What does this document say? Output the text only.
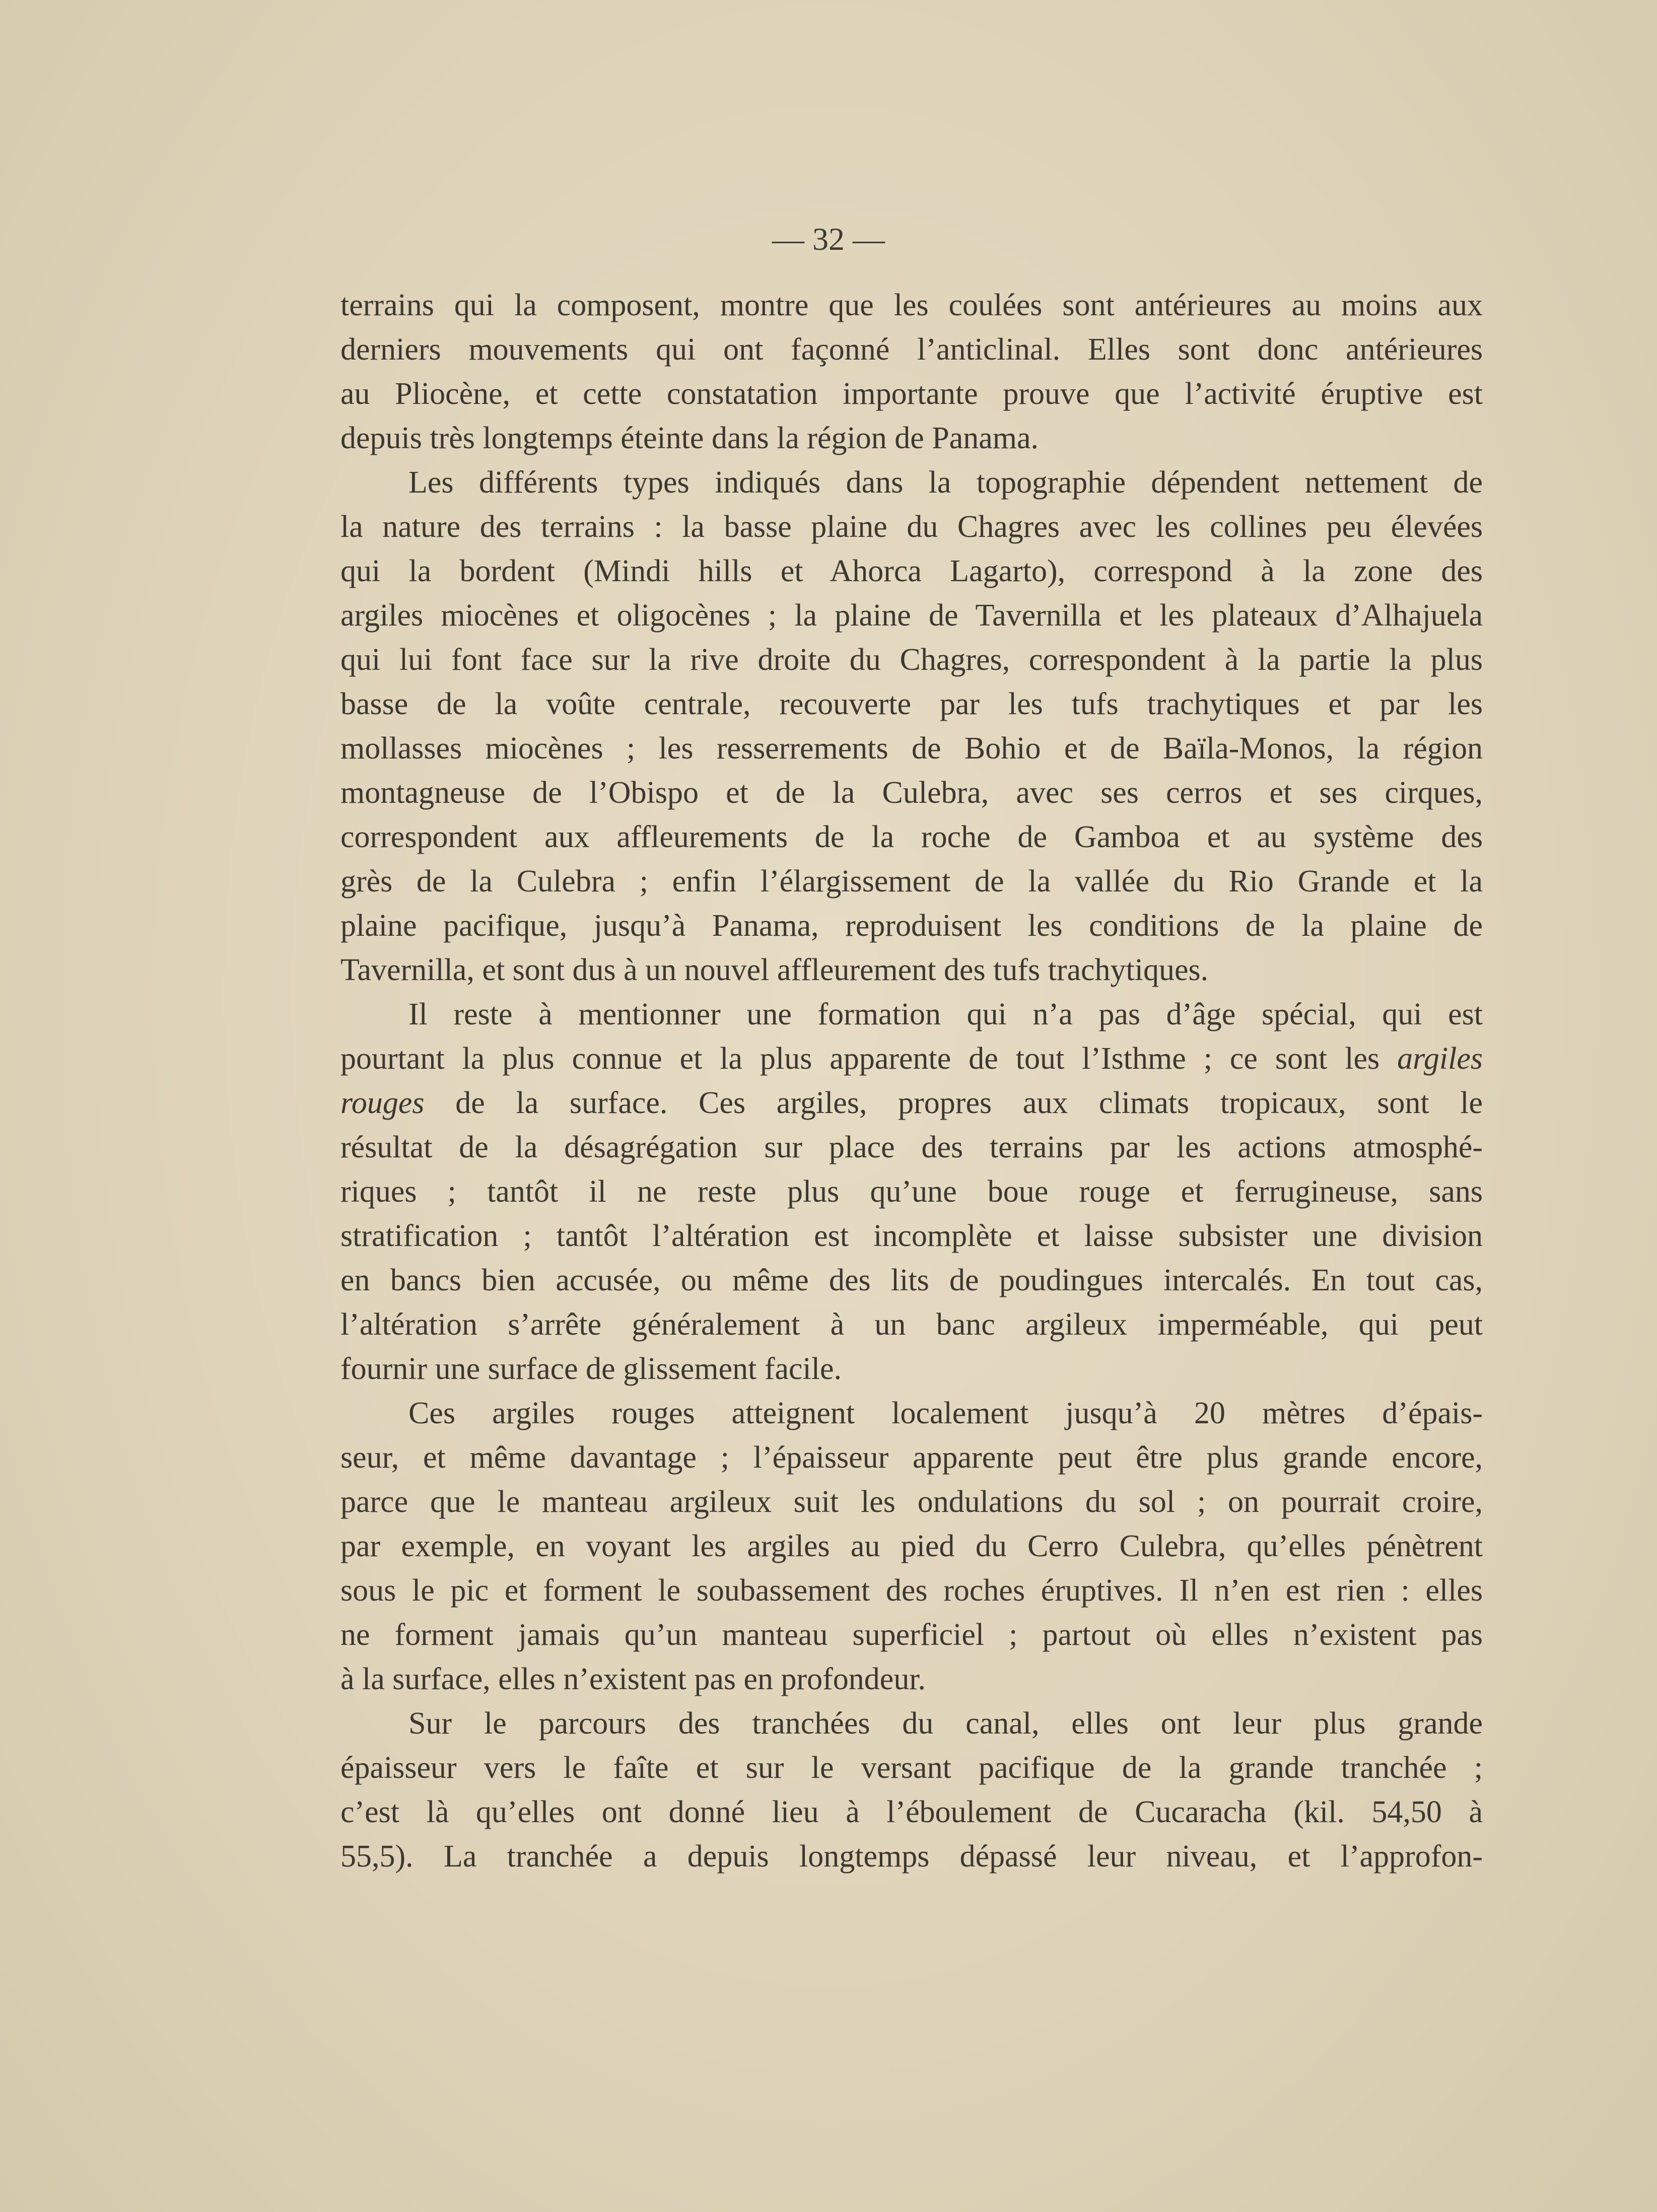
— 32 —
terrains qui la composent, montre que les coulées sont antérieures au moins aux
derniers mouvements qui ont façonné l’anticlinal. Elles sont donc antérieures
au Pliocène, et cette constatation importante prouve que l’activité éruptive est
depuis très longtemps éteinte dans la région de Panama.
Les différents types indiqués dans la topographie dépendent nettement de
la nature des terrains : la basse plaine du Chagres avec les collines peu élevées
qui la bordent (Mindi hills et Ahorca Lagarto), correspond à la zone des
argiles miocènes et oligocènes ; la plaine de Tavernilla et les plateaux d’Alhajuela
qui lui font face sur la rive droite du Chagres, correspondent à la partie la plus
basse de la voûte centrale, recouverte par les tufs trachytiques et par les
mollasses miocènes ; les resserrements de Bohio et de Baïla-Monos, la région
montagneuse de l’Obispo et de la Culebra, avec ses cerros et ses cirques,
correspondent aux affleurements de la roche de Gamboa et au système des
grès de la Culebra ; enfin l’élargissement de la vallée du Rio Grande et la
plaine pacifique, jusqu’à Panama, reproduisent les conditions de la plaine de
Tavernilla, et sont dus à un nouvel affleurement des tufs trachytiques.
Il reste à mentionner une formation qui n’a pas d’âge spécial, qui est
pourtant la plus connue et la plus apparente de tout l’Isthme ; ce sont les argiles
rouges de la surface. Ces argiles, propres aux climats tropicaux, sont le
résultat de la désagrégation sur place des terrains par les actions atmosphé-
riques ; tantôt il ne reste plus qu’une boue rouge et ferrugineuse, sans
stratification ; tantôt l’altération est incomplète et laisse subsister une division
en bancs bien accusée, ou même des lits de poudingues intercalés. En tout cas,
l’altération s’arrête généralement à un banc argileux imperméable, qui peut
fournir une surface de glissement facile.
Ces argiles rouges atteignent localement jusqu’à 20 mètres d’épais-
seur, et même davantage ; l’épaisseur apparente peut être plus grande encore,
parce que le manteau argileux suit les ondulations du sol ; on pourrait croire,
par exemple, en voyant les argiles au pied du Cerro Culebra, qu’elles pénètrent
sous le pic et forment le soubassement des roches éruptives. Il n’en est rien : elles
ne forment jamais qu’un manteau superficiel ; partout où elles n’existent pas
à la surface, elles n’existent pas en profondeur.
Sur le parcours des tranchées du canal, elles ont leur plus grande
épaisseur vers le faîte et sur le versant pacifique de la grande tranchée ;
c’est là qu’elles ont donné lieu à l’éboulement de Cucaracha (kil. 54,50 à
55,5). La tranchée a depuis longtemps dépassé leur niveau, et l’approfon-
